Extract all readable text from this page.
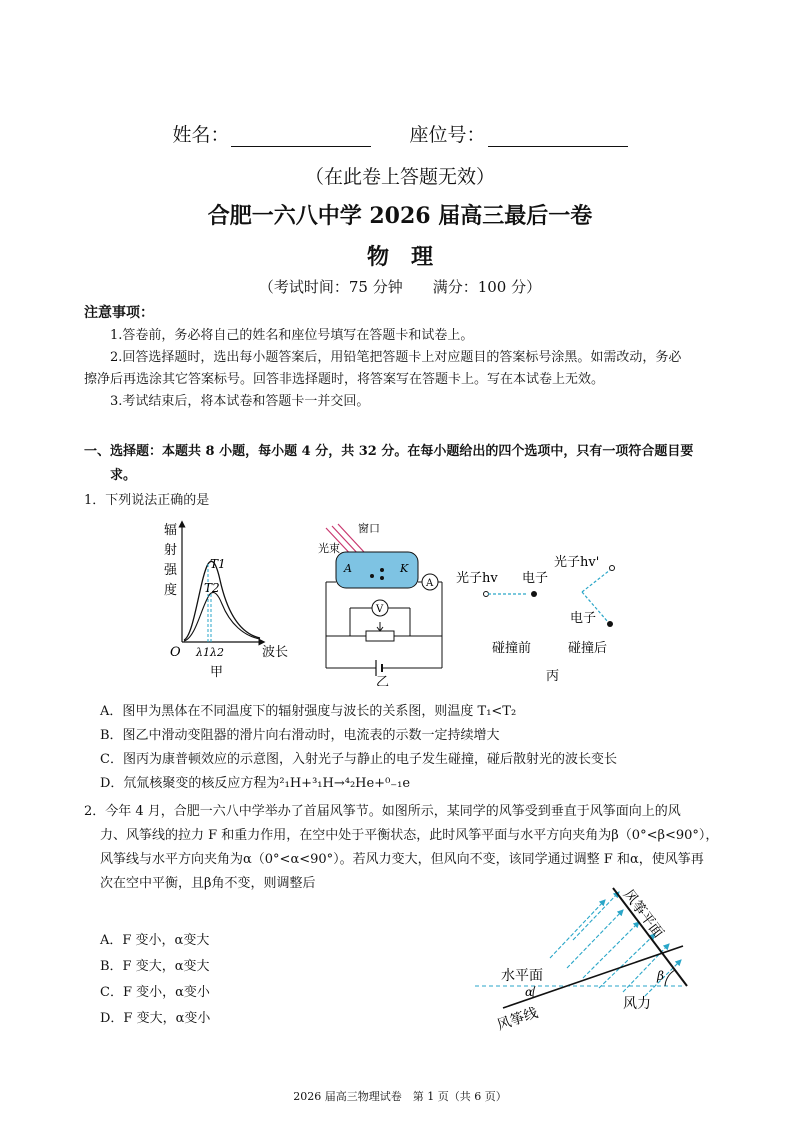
姓名：	座位号：
（在此卷上答题无效）
合肥一六八中学 2026 届高三最后一卷
物　理
（考试时间：75 分钟　　满分：100 分）
注意事项：

1.答卷前，务必将自己的姓名和座位号填写在答题卡和试卷上。

2.回答选择题时，选出每小题答案后，用铅笔把答题卡上对应题目的答案标号涂黑。如需改动，务必

擦净后再选涂其它答案标号。回答非选择题时，将答案写在答题卡上。写在本试卷上无效。

3.考试结束后，将本试卷和答题卡一并交回。

一、选择题：本题共 8 小题，每小题 4 分，共 32 分。在每小题给出的四个选项中，只有一项符合题目要
求。
1．下列说法正确的是
辐
射
强
度
T1
T2
O λ1 λ2	波长
甲
窗口
光束
A	K
A
V
乙
光子hv 电子
碰撞前
光子hv'
电子
碰撞后
丙
A．图甲为黑体在不同温度下的辐射强度与波长的关系图，则温度 T₁<T₂
B．图乙中滑动变阻器的滑片向右滑动时，电流表的示数一定持续增大
C．图丙为康普顿效应的示意图，入射光子与静止的电子发生碰撞，碰后散射光的波长变长
D．氘氚核聚变的核反应方程为²₁H+³₁H→⁴₂He+⁰₋₁e
2．今年 4 月，合肥一六八中学举办了首届风筝节。如图所示，某同学的风筝受到垂直于风筝面向上的风
力、风筝线的拉力 F 和重力作用，在空中处于平衡状态，此时风筝平面与水平方向夹角为β（0°<β<90°），
风筝线与水平方向夹角为α（0°<α<90°）。若风力变大，但风向不变，该同学通过调整 F 和α，使风筝再
次在空中平衡，且β角不变，则调整后
A．F 变小，α变大
B．F 变大，α变大
C．F 变小，α变小
D．F 变大，α变小
风筝平面
水平面
风筝线
风力
α
β
2026 届高三物理试卷　第 1 页（共 6 页）
